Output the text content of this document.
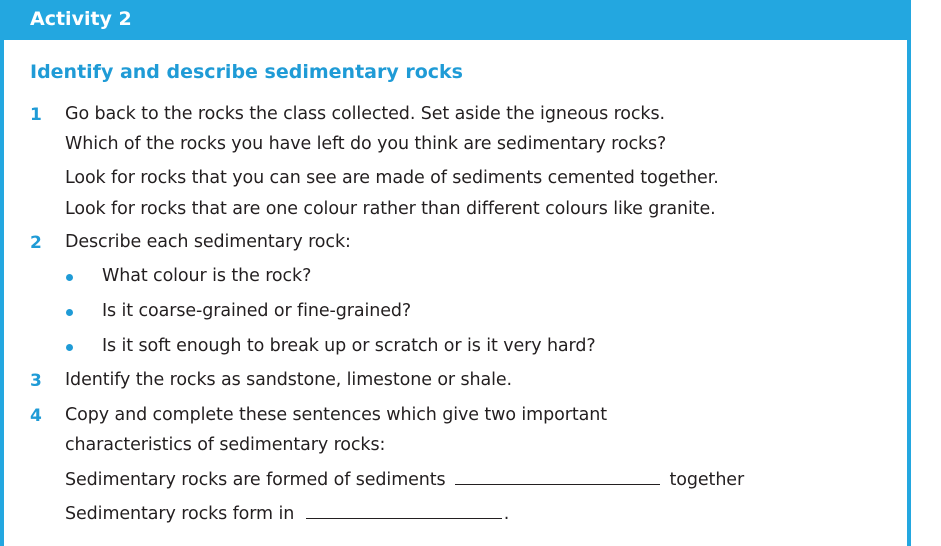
Activity 2
Identify and describe sedimentary rocks
1 Go back to the rocks the class collected. Set aside the igneous rocks.
Which of the rocks you have left do you think are sedimentary rocks?
Look for rocks that you can see are made of sediments cemented together.
Look for rocks that are one colour rather than different colours like granite.
2 Describe each sedimentary rock:
What colour is the rock?
Is it coarse-grained or fine-grained?
Is it soft enough to break up or scratch or is it very hard?
3 Identify the rocks as sandstone, limestone or shale.
4 Copy and complete these sentences which give two important
characteristics of sedimentary rocks:
Sedimentary rocks are formed of sediments	together
Sedimentary rocks form in	.
